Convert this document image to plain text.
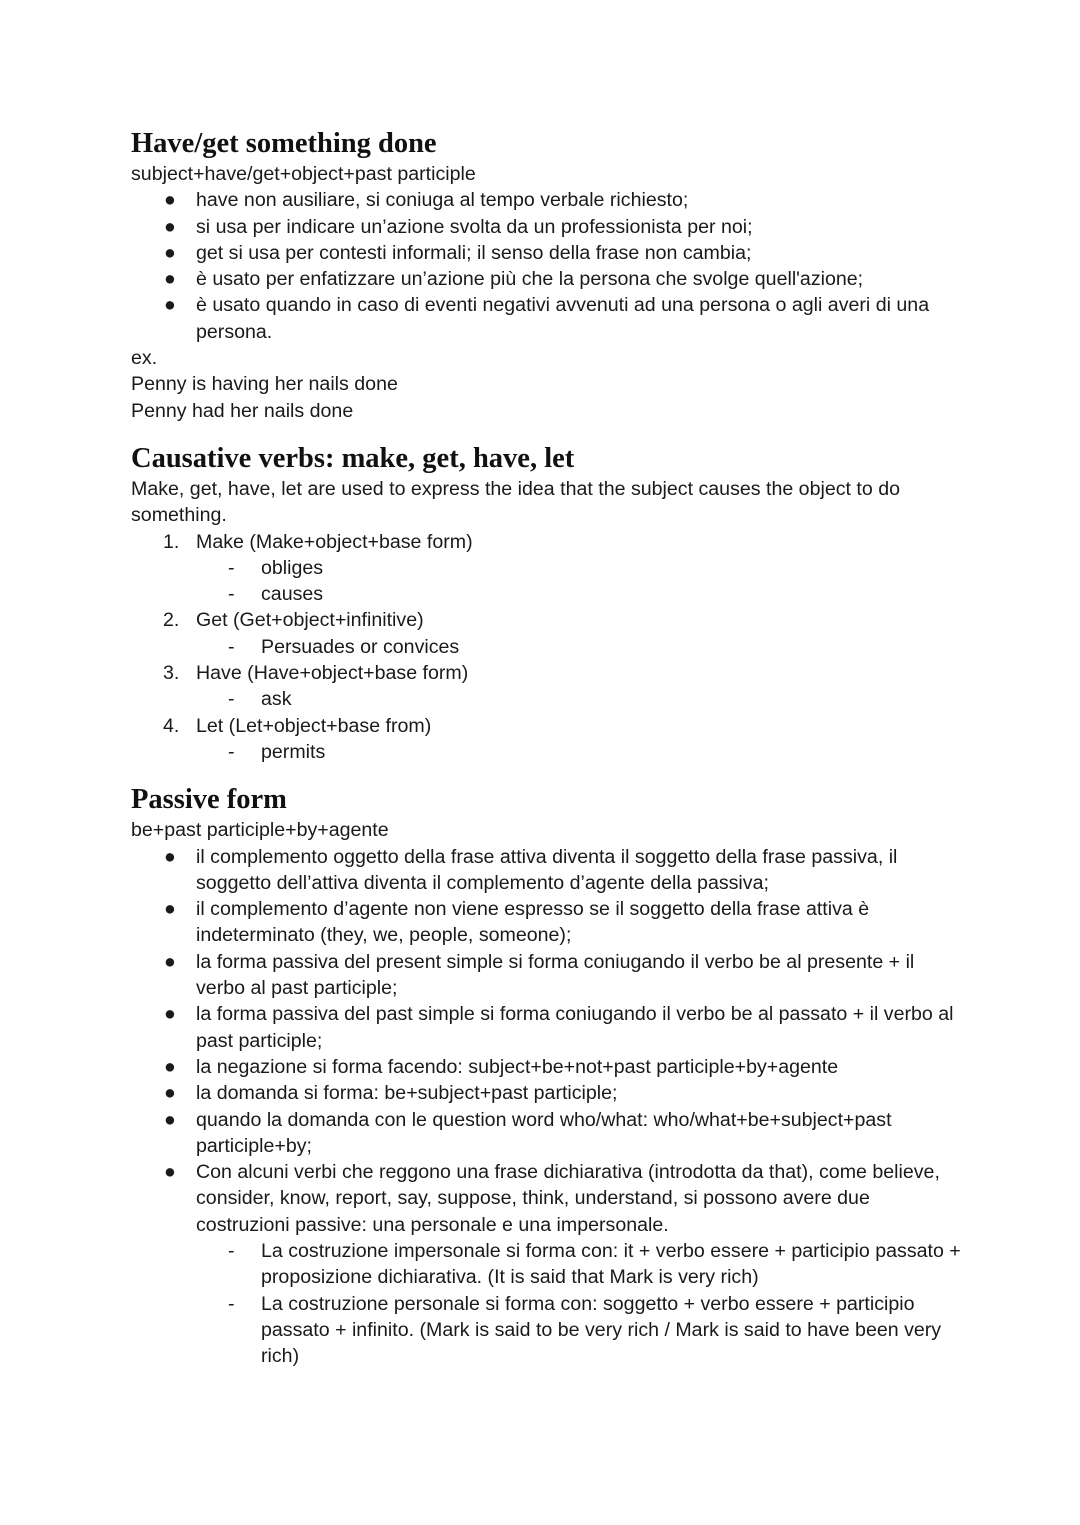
Have/get something done

subject+have/get+object+past participle

● have non ausiliare, si coniuga al tempo verbale richiesto;
● si usa per indicare un’azione svolta da un professionista per noi;
● get si usa per contesti informali; il senso della frase non cambia;
● è usato per enfatizzare un’azione più che la persona che svolge quell'azione;
● è usato quando in caso di eventi negativi avvenuti ad una persona o agli averi di una persona.

ex.

Penny is having her nails done

Penny had her nails done

Causative verbs: make, get, have, let

Make, get, have, let are used to express the idea that the subject causes the object to do something.

1. Make (Make+object+base form)
- obliges
- causes
2. Get (Get+object+infinitive)
- Persuades or convices
3. Have (Have+object+base form)
- ask
4. Let (Let+object+base from)
- permits
Passive form

be+past participle+by+agente

● il complemento oggetto della frase attiva diventa il soggetto della frase passiva, il soggetto dell’attiva diventa il complemento d’agente della passiva;
● il complemento d’agente non viene espresso se il soggetto della frase attiva è indeterminato (they, we, people, someone);
● la forma passiva del present simple si forma coniugando il verbo be al presente + il verbo al past participle;
● la forma passiva del past simple si forma coniugando il verbo be al passato + il verbo al past participle;
● la negazione si forma facendo: subject+be+not+past participle+by+agente
● la domanda si forma: be+subject+past participle;
● quando la domanda con le question word who/what: who/what+be+subject+past participle+by;
● Con alcuni verbi che reggono una frase dichiarativa (introdotta da that), come believe, consider, know, report, say, suppose, think, understand, si possono avere due costruzioni passive: una personale e una impersonale.
- La costruzione impersonale si forma con: it + verbo essere + participio passato + proposizione dichiarativa. (It is said that Mark is very rich)
- La costruzione personale si forma con: soggetto + verbo essere + participio passato + infinito. (Mark is said to be very rich / Mark is said to have been very rich)
